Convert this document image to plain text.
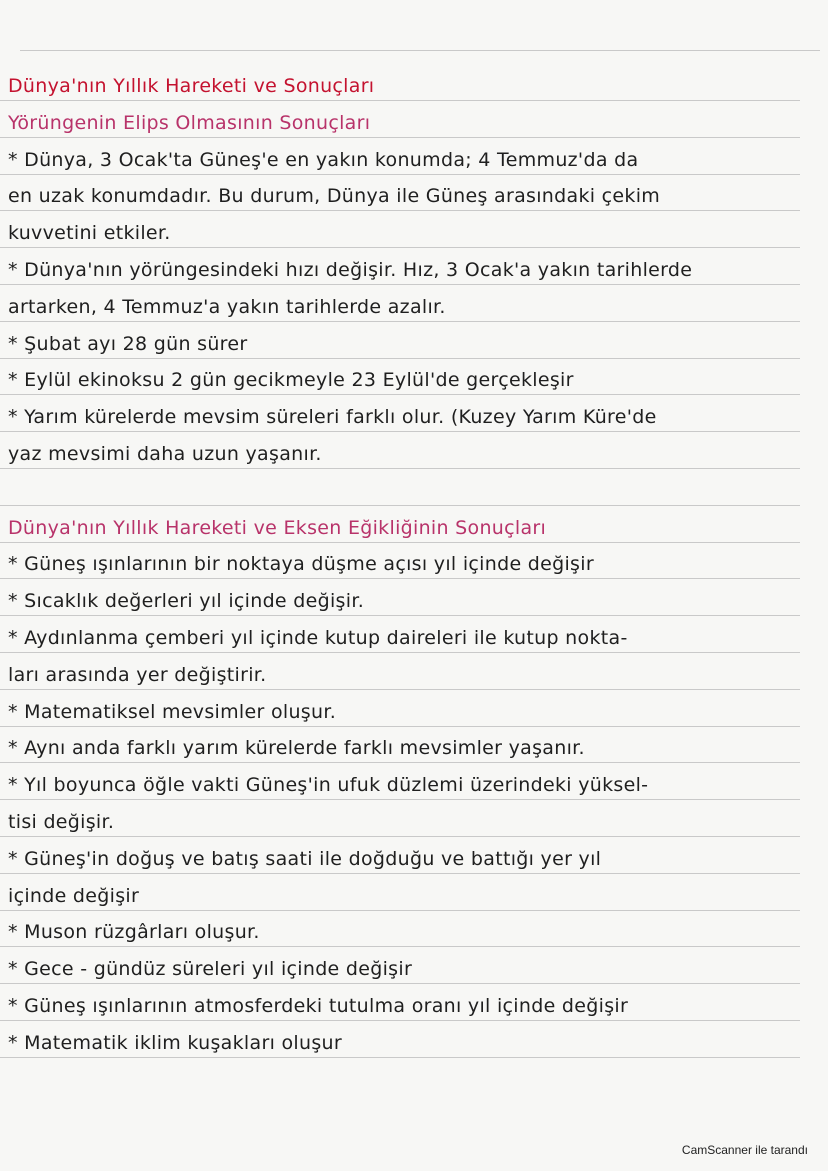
Dünya'nın Yıllık Hareketi ve Sonuçları
Yörüngenin Elips Olmasının Sonuçları
* Dünya, 3 Ocak'ta Güneş'e en yakın konumda; 4 Temmuz'da da
en uzak konumdadır. Bu durum, Dünya ile Güneş arasındaki çekim
kuvvetini etkiler.
* Dünya'nın yörüngesindeki hızı değişir. Hız, 3 Ocak'a yakın tarihlerde
artarken, 4 Temmuz'a yakın tarihlerde azalır.
* Şubat ayı 28 gün sürer
* Eylül ekinoksu 2 gün gecikmeyle 23 Eylül'de gerçekleşir
* Yarım kürelerde mevsim süreleri farklı olur. (Kuzey Yarım Küre'de
yaz mevsimi daha uzun yaşanır.
Dünya'nın Yıllık Hareketi ve Eksen Eğikliğinin Sonuçları
* Güneş ışınlarının bir noktaya düşme açısı yıl içinde değişir
* Sıcaklık değerleri yıl içinde değişir.
* Aydınlanma çemberi yıl içinde kutup daireleri ile kutup nokta-
ları arasında yer değiştirir.
* Matematiksel mevsimler oluşur.
* Aynı anda farklı yarım kürelerde farklı mevsimler yaşanır.
* Yıl boyunca öğle vakti Güneş'in ufuk düzlemi üzerindeki yüksel-
tisi değişir.
* Güneş'in doğuş ve batış saati ile doğduğu ve battığı yer yıl
içinde değişir
* Muson rüzgârları oluşur.
* Gece - gündüz süreleri yıl içinde değişir
* Güneş ışınlarının atmosferdeki tutulma oranı yıl içinde değişir
* Matematik iklim kuşakları oluşur
CamScanner ile tarandı
